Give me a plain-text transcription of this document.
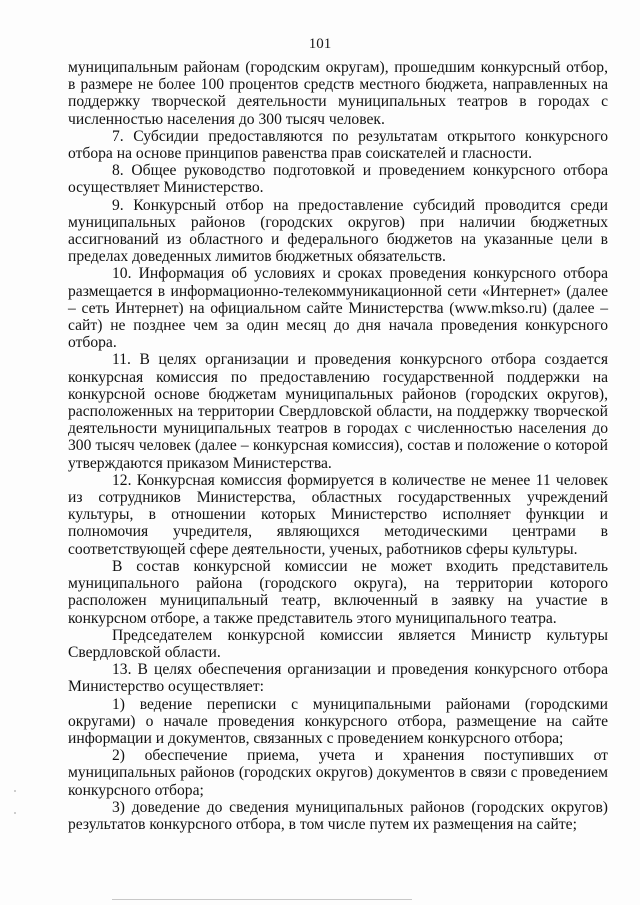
101

муниципальным районам (городским округам), прошедшим конкурсный отбор, в размере не более 100 процентов средств местного бюджета, направленных на поддержку творческой деятельности муниципальных театров в городах с численностью населения до 300 тысяч человек.

7. Субсидии предоставляются по результатам открытого конкурсного отбора на основе принципов равенства прав соискателей и гласности.

8. Общее руководство подготовкой и проведением конкурсного отбора осуществляет Министерство.

9. Конкурсный отбор на предоставление субсидий проводится среди муниципальных районов (городских округов) при наличии бюджетных ассигнований из областного и федерального бюджетов на указанные цели в пределах доведенных лимитов бюджетных обязательств.

10. Информация об условиях и сроках проведения конкурсного отбора размещается в информационно-телекоммуникационной сети «Интернет» (далее – сеть Интернет) на официальном сайте Министерства (www.mkso.ru) (далее – сайт) не позднее чем за один месяц до дня начала проведения конкурсного отбора.

11. В целях организации и проведения конкурсного отбора создается конкурсная комиссия по предоставлению государственной поддержки на конкурсной основе бюджетам муниципальных районов (городских округов), расположенных на территории Свердловской области, на поддержку творческой деятельности муниципальных театров в городах с численностью населения до 300 тысяч человек (далее – конкурсная комиссия), состав и положение о которой утверждаются приказом Министерства.

12. Конкурсная комиссия формируется в количестве не менее 11 человек из сотрудников Министерства, областных государственных учреждений культуры, в отношении которых Министерство исполняет функции и полномочия учредителя, являющихся методическими центрами в соответствующей сфере деятельности, ученых, работников сферы культуры.

В состав конкурсной комиссии не может входить представитель муниципального района (городского округа), на территории которого расположен муниципальный театр, включенный в заявку на участие в конкурсном отборе, а также представитель этого муниципального театра.

Председателем конкурсной комиссии является Министр культуры Свердловской области.

13. В целях обеспечения организации и проведения конкурсного отбора Министерство осуществляет:

1) ведение переписки с муниципальными районами (городскими округами) о начале проведения конкурсного отбора, размещение на сайте информации и документов, связанных с проведением конкурсного отбора;

2) обеспечение приема, учета и хранения поступивших от муниципальных районов (городских округов) документов в связи с проведением конкурсного отбора;

3) доведение до сведения муниципальных районов (городских округов) результатов конкурсного отбора, в том числе путем их размещения на сайте;
